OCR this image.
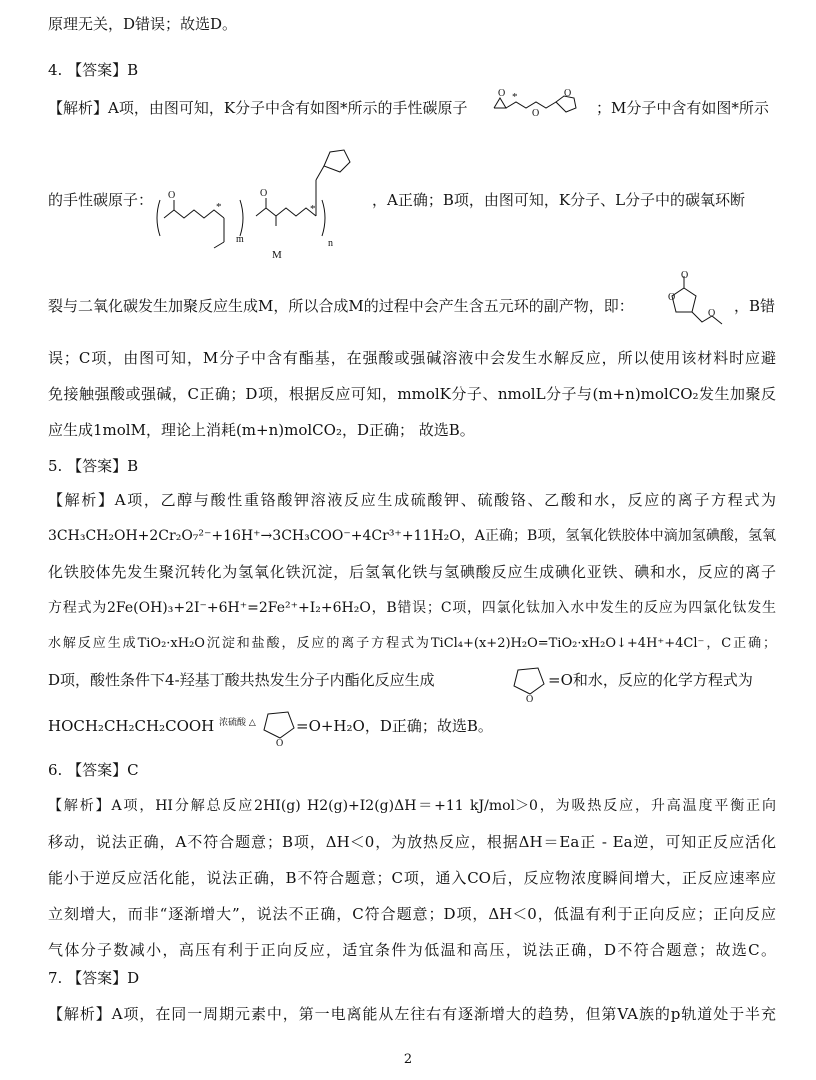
原理无关，D错误；故选D。
4. 【答案】B
【解析】A项，由图可知，K分子中含有如图*所示的手性碳原子
O *
O
O
；M分子中含有如图*所示
的手性碳原子： O
*
m
O
*
n
M
，A正确；B项，由图可知，K分子、L分子中的碳氧环断
裂与二氧化碳发生加聚反应生成M，所以合成M的过程中会产生含五元环的副产物，即：
O
O
O ，B错
误；C项，由图可知，M分子中含有酯基，在强酸或强碱溶液中会发生水解反应，所以使用该材料时应避
免接触强酸或强碱，C正确；D项，根据反应可知，mmolK分子、nmolL分子与(m+n)molCO₂发生加聚反
应生成1molM，理论上消耗(m+n)molCO₂，D正确； 故选B。
5. 【答案】B
【解析】A项，乙醇与酸性重铬酸钾溶液反应生成硫酸钾、硫酸铬、乙酸和水，反应的离子方程式为
3CH₃CH₂OH+2Cr₂O₇²⁻+16H⁺→3CH₃COO⁻+4Cr³⁺+11H₂O，A正确；B项，氢氧化铁胶体中滴加氢碘酸，氢氧
化铁胶体先发生聚沉转化为氢氧化铁沉淀，后氢氧化铁与氢碘酸反应生成碘化亚铁、碘和水，反应的离子
方程式为2Fe(OH)₃+2I⁻+6H⁺=2Fe²⁺+I₂+6H₂O，B错误；C项，四氯化钛加入水中发生的反应为四氯化钛发生
水解反应生成TiO₂·xH₂O沉淀和盐酸，反应的离子方程式为TiCl₄+(x+2)H₂O=TiO₂·xH₂O↓+4H⁺+4Cl⁻，C正确；
D项，酸性条件下4-羟基丁酸共热发生分子内酯化反应生成
O
=O和水，反应的化学方程式为
HOCH₂CH₂CH₂COOH $^{浓硫酸 \triangle}$
O
=O+H₂O，D正确；故选B。
6. 【答案】C
【解析】A项，HI分解总反应2HI(g) H2(g)+I2(g)ΔH＝+11 kJ/mol＞0，为吸热反应，升高温度平衡正向
移动，说法正确，A不符合题意；B项，ΔH＜0，为放热反应，根据ΔH＝Ea正 - Ea逆，可知正反应活化
能小于逆反应活化能，说法正确，B不符合题意；C项，通入CO后，反应物浓度瞬间增大，正反应速率应
立刻增大，而非“逐渐增大”，说法不正确，C符合题意；D项，ΔH＜0，低温有利于正向反应；正向反应
气体分子数减小，高压有利于正向反应，适宜条件为低温和高压，说法正确，D不符合题意；故选C。
7. 【答案】D
【解析】A项，在同一周期元素中，第一电离能从左往右有逐渐增大的趋势，但第VA族的p轨道处于半充
2
